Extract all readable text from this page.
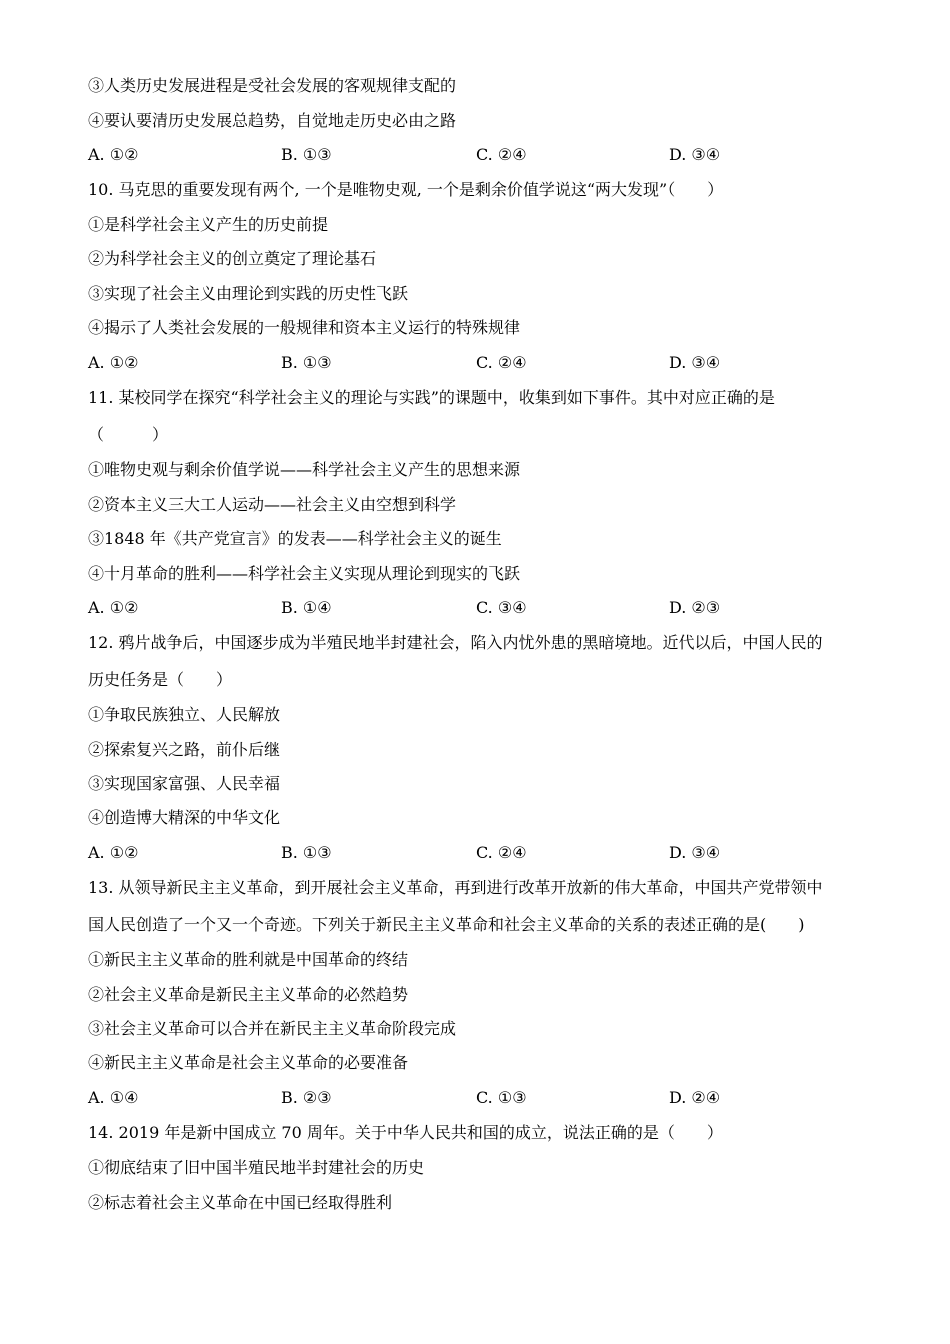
③人类历史发展进程是受社会发展的客观规律支配的
④要认要清历史发展总趋势，自觉地走历史必由之路
A. ①②	B. ①③	C. ②④	D. ③④
10. 马克思的重要发现有两个, 一个是唯物史观, 一个是剩余价值学说这“两大发现”（　　）
①是科学社会主义产生的历史前提
②为科学社会主义的创立奠定了理论基石
③实现了社会主义由理论到实践的历史性飞跃
④揭示了人类社会发展的一般规律和资本主义运行的特殊规律
A. ①②	B. ①③	C. ②④	D. ③④
11. 某校同学在探究“科学社会主义的理论与实践”的课题中，收集到如下事件。其中对应正确的是
（　　　）
①唯物史观与剩余价值学说——科学社会主义产生的思想来源
②资本主义三大工人运动——社会主义由空想到科学
③1848 年《共产党宣言》的发表——科学社会主义的诞生
④十月革命的胜利——科学社会主义实现从理论到现实的飞跃
A. ①②	B. ①④	C. ③④	D. ②③
12. 鸦片战争后，中国逐步成为半殖民地半封建社会，陷入内忧外患的黑暗境地。近代以后，中国人民的
历史任务是（　　）
①争取民族独立、人民解放
②探索复兴之路，前仆后继
③实现国家富强、人民幸福
④创造博大精深的中华文化
A. ①②	B. ①③	C. ②④	D. ③④
13. 从领导新民主主义革命，到开展社会主义革命，再到进行改革开放新的伟大革命，中国共产党带领中
国人民创造了一个又一个奇迹。下列关于新民主主义革命和社会主义革命的关系的表述正确的是(　　)
①新民主主义革命的胜利就是中国革命的终结
②社会主义革命是新民主主义革命的必然趋势
③社会主义革命可以合并在新民主主义革命阶段完成
④新民主主义革命是社会主义革命的必要准备
A. ①④	B. ②③	C. ①③	D. ②④
14. 2019 年是新中国成立 70 周年。关于中华人民共和国的成立，说法正确的是（　　）
①彻底结束了旧中国半殖民地半封建社会的历史
②标志着社会主义革命在中国已经取得胜利
